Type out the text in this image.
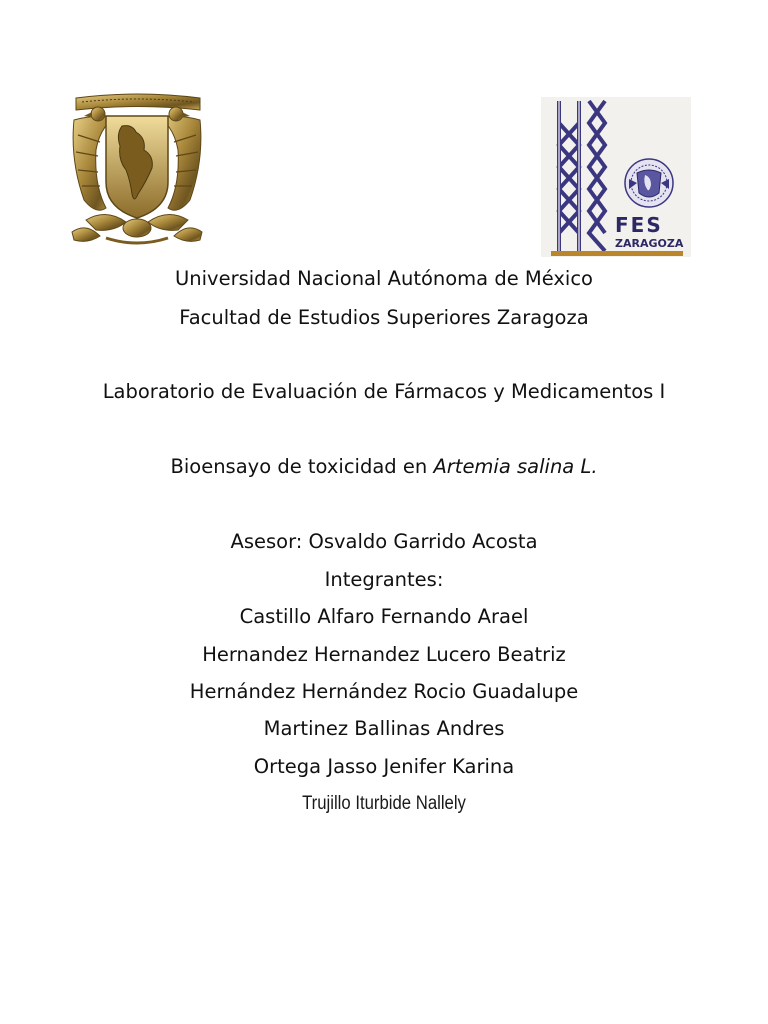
FES
ZARAGOZA
Universidad Nacional Autónoma de México
Facultad de Estudios Superiores Zaragoza
Laboratorio de Evaluación de Fármacos y Medicamentos I
Bioensayo de toxicidad en Artemia salina L.
Asesor: Osvaldo Garrido Acosta
Integrantes:
Castillo Alfaro Fernando Arael
Hernandez Hernandez Lucero Beatriz
Hernández Hernández Rocio Guadalupe
Martinez Ballinas Andres
Ortega Jasso Jenifer Karina
Trujillo Iturbide Nallely
